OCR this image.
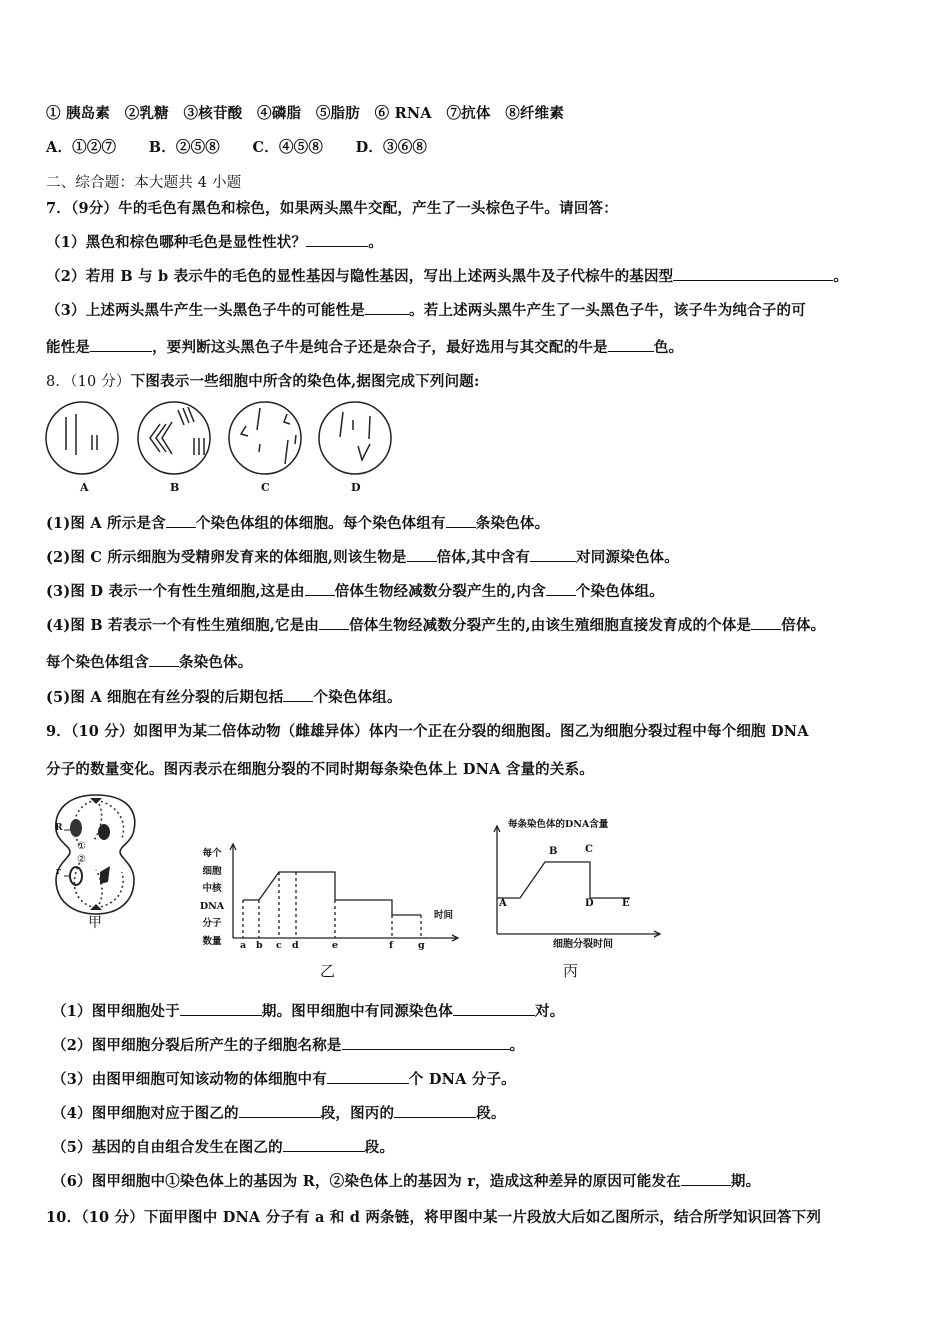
① 胰岛素　②乳糖　③核苷酸　④磷脂　⑤脂肪　⑥ RNA　⑦抗体　⑧纤维素
A．①②⑦ B．②⑤⑧ C．④⑤⑧ D．③⑥⑧
二、综合题：本大题共 4 小题
7．（9分）牛的毛色有黑色和棕色，如果两头黑牛交配，产生了一头棕色子牛。请回答：
（1）黑色和棕色哪种毛色是显性性状？	。
（2）若用 B 与 b 表示牛的毛色的显性基因与隐性基因，写出上述两头黑牛及子代棕牛的基因型	。
（3）上述两头黑牛产生一头黑色子牛的可能性是	。若上述两头黑牛产生了一头黑色子牛，该子牛为纯合子的可
能性是	，要判断这头黑色子牛是纯合子还是杂合子，最好选用与其交配的牛是	色。
8．（10 分）下图表示一些细胞中所含的染色体,据图完成下列问题:
A	B	C	D
(1)图 A 所示是含 个染色体组的体细胞。每个染色体组有 条染色体。
(2)图 C 所示细胞为受精卵发育来的体细胞,则该生物是 倍体,其中含有	对同源染色体。
(3)图 D 表示一个有性生殖细胞,这是由 倍体生物经减数分裂产生的,内含 个染色体组。
(4)图 B 若表示一个有性生殖细胞,它是由 倍体生物经减数分裂产生的,由该生殖细胞直接发育成的个体是 倍体。
每个染色体组含 条染色体。
(5)图 A 细胞在有丝分裂的后期包括 个染色体组。
9．（10 分）如图甲为某二倍体动物（雌雄异体）体内一个正在分裂的细胞图。图乙为细胞分裂过程中每个细胞 DNA
分子的数量变化。图丙表示在细胞分裂的不同时期每条染色体上 DNA 含量的关系。
R
r
①
②
甲
每个
细胞
中核
DNA
分子
数量
时间
a b c d	e	f	g
乙
每条染色体的DNA含量
A
B	C
D	E
细胞分裂时间
丙
（1）图甲细胞处于	期。图甲细胞中有同源染色体	对。
（2）图甲细胞分裂后所产生的子细胞名称是	。
（3）由图甲细胞可知该动物的体细胞中有	个 DNA 分子。
（4）图甲细胞对应于图乙的	段，图丙的	段。
（5）基因的自由组合发生在图乙的	段。
（6）图甲细胞中①染色体上的基因为 R，②染色体上的基因为 r，造成这种差异的原因可能发在	期。
10．（10 分）下面甲图中 DNA 分子有 a 和 d 两条链，将甲图中某一片段放大后如乙图所示，结合所学知识回答下列
